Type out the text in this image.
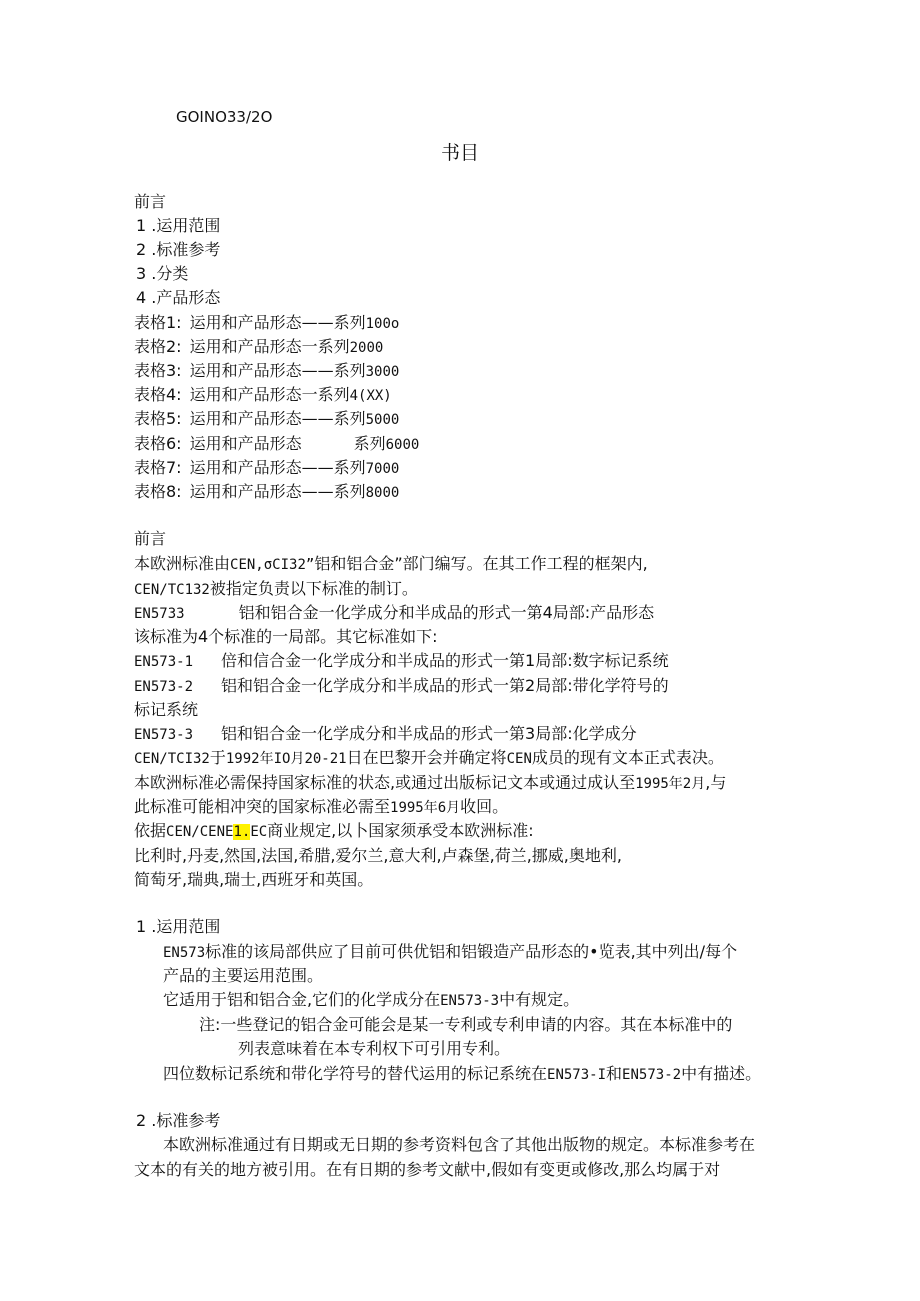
GOINO33/2O
书目
前言
1 .运用范围
2 .标准参考
3 .分类
4 .产品形态
表格1: 运用和产品形态——系列100o
表格2: 运用和产品形态一系列2000
表格3: 运用和产品形态——系列3000
表格4: 运用和产品形态一系列4(XX)
表格5: 运用和产品形态——系列5000
表格6: 运用和产品形态	系列6000
表格7: 运用和产品形态——系列7000
表格8: 运用和产品形态——系列8000
前言
本欧洲标准由CEN,σCI32”铝和铝合金”部门编写。在其工作工程的框架内,
CEN/TC132被指定负责以下标准的制订。
EN5733	铝和铝合金一化学成分和半成品的形式一第4局部:产品形态
该标准为4个标准的一局部。其它标准如下:
EN573-1 倍和信合金一化学成分和半成品的形式一第1局部:数字标记系统
EN573-2 铝和铝合金一化学成分和半成品的形式一第2局部:带化学符号的
标记系统
EN573-3 铝和铝合金一化学成分和半成品的形式一第3局部:化学成分
CEN/TCI32于1992年IO月20-21日在巴黎开会并确定将CEN成员的现有文本正式表决。
本欧洲标准必需保持国家标准的状态,或通过出版标记文本或通过成认至1995年2月,与
此标准可能相冲突的国家标准必需至1995年6月收回。
依据CEN/CENE1.EC商业规定,以卜国家须承受本欧洲标准:
比利时,丹麦,然国,法国,希腊,爱尔兰,意大利,卢森堡,荷兰,挪威,奥地利,
简萄牙,瑞典,瑞士,西班牙和英国。
1 .运用范围
EN573标准的该局部供应了目前可供优铝和铝锻造产品形态的•览表,其中列出/每个
产品的主要运用范围。
它适用于铝和铝合金,它们的化学成分在EN573-3中有规定。
注:一些登记的铝合金可能会是某一专利或专利申请的内容。其在本标准中的
列表意味着在本专利权下可引用专利。
四位数标记系统和带化学符号的替代运用的标记系统在EN573-I和EN573-2中有描述。
2 .标准参考
本欧洲标准通过有日期或无日期的参考资料包含了其他出版物的规定。本标准参考在
文本的有关的地方被引用。在有日期的参考文献中,假如有变更或修改,那么均属于对
